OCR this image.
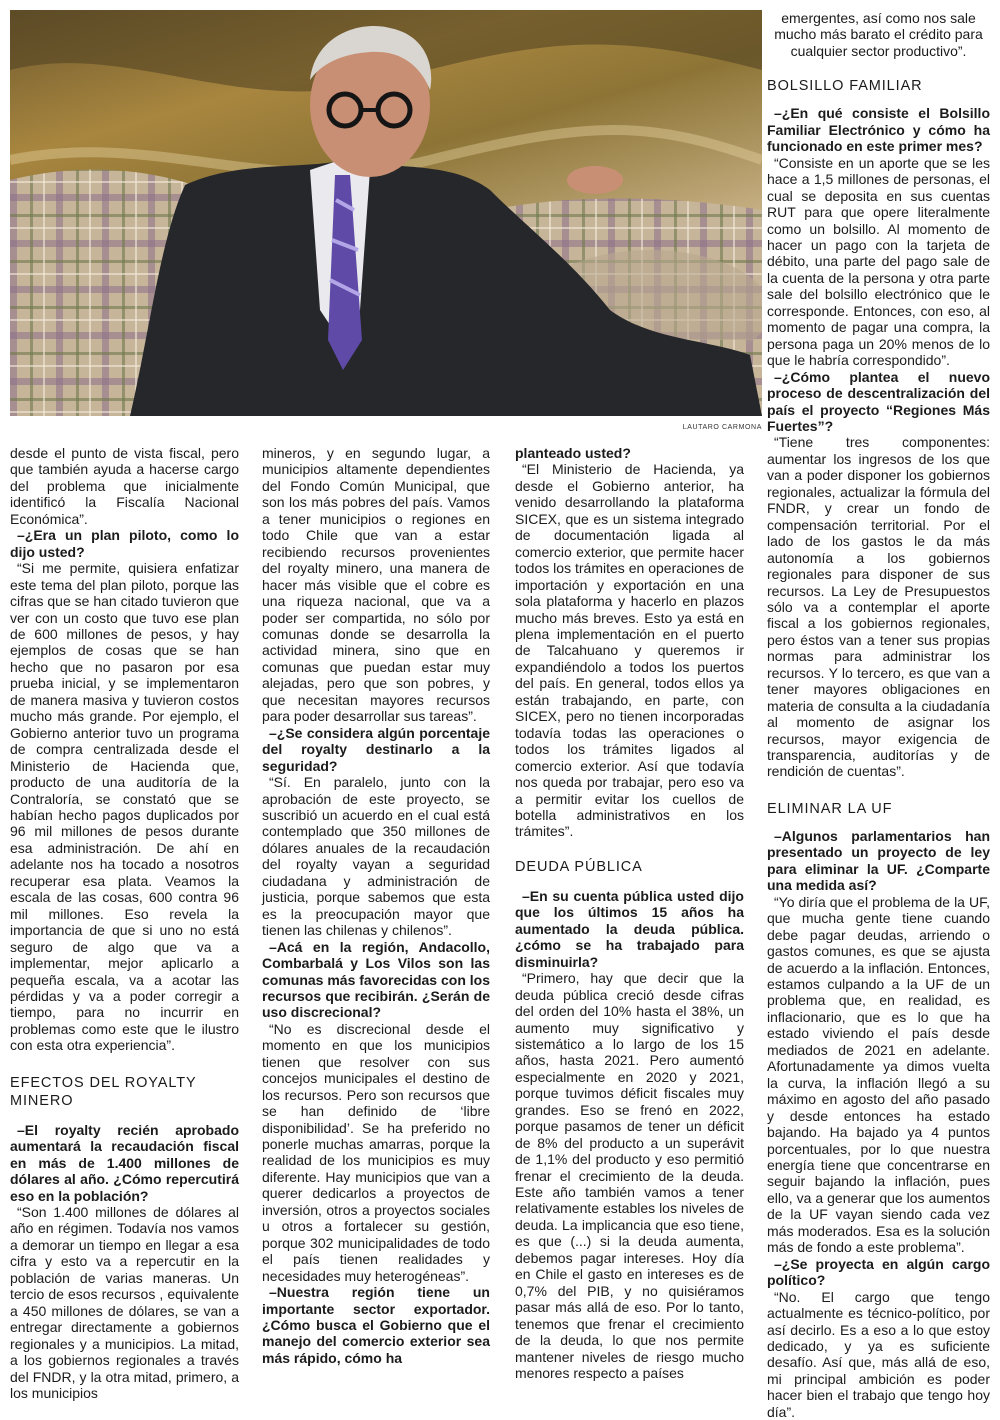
LAUTARO CARMONA

desde el punto de vista fiscal, pero que también ayuda a hacerse cargo del problema que inicialmente identificó la Fiscalía Nacional Económica”.

–¿Era un plan piloto, como lo dijo usted?

“Si me permite, quisiera enfatizar este tema del plan piloto, porque las cifras que se han citado tuvieron que ver con un costo que tuvo ese plan de 600 millones de pesos, y hay ejemplos de cosas que se han hecho que no pasaron por esa prueba inicial, y se implementaron de manera masiva y tuvieron costos mucho más grande. Por ejemplo, el Gobierno anterior tuvo un programa de compra centralizada desde el Ministerio de Hacienda que, producto de una auditoría de la Contraloría, se constató que se habían hecho pagos duplicados por 96 mil millones de pesos durante esa administración. De ahí en adelante nos ha tocado a nosotros recuperar esa plata. Veamos la escala de las cosas, 600 contra 96 mil millones. Eso revela la importancia de que si uno no está seguro de algo que va a implementar, mejor aplicarlo a pequeña escala, va a acotar las pérdidas y va a poder corregir a tiempo, para no incurrir en problemas como este que le ilustro con esta otra experiencia”.

EFECTOS DEL ROYALTY MINERO

–El royalty recién aprobado aumentará la recaudación fiscal en más de 1.400 millones de dólares al año. ¿Cómo repercutirá eso en la población?

“Son 1.400 millones de dólares al año en régimen. Todavía nos vamos a demorar un tiempo en llegar a esa cifra y esto va a repercutir en la población de varias maneras. Un tercio de esos recursos , equivalente a 450 millones de dólares, se van a entregar directamente a gobiernos regionales y a municipios. La mitad, a los gobiernos regionales a través del FNDR, y la otra mitad, primero, a los municipios

mineros, y en segundo lugar, a municipios altamente dependientes del Fondo Común Municipal, que son los más pobres del país. Vamos a tener municipios o regiones en todo Chile que van a estar recibiendo recursos provenientes del royalty minero, una manera de hacer más visible que el cobre es una riqueza nacional, que va a poder ser compartida, no sólo por comunas donde se desarrolla la actividad minera, sino que en comunas que puedan estar muy alejadas, pero que son pobres, y que necesitan mayores recursos para poder desarrollar sus tareas”.

–¿Se considera algún porcentaje del royalty destinarlo a la seguridad?

“Sí. En paralelo, junto con la aprobación de este proyecto, se suscribió un acuerdo en el cual está contemplado que 350 millones de dólares anuales de la recaudación del royalty vayan a seguridad ciudadana y administración de justicia, porque sabemos que esta es la preocupación mayor que tienen las chilenas y chilenos”.

–Acá en la región, Andacollo, Combarbalá y Los Vilos son las comunas más favorecidas con los recursos que recibirán. ¿Serán de uso discrecional?

“No es discrecional desde el momento en que los municipios tienen que resolver con sus concejos municipales el destino de los recursos. Pero son recursos que se han definido de ‘libre disponibilidad’. Se ha preferido no ponerle muchas amarras, porque la realidad de los municipios es muy diferente. Hay municipios que van a querer dedicarlos a proyectos de inversión, otros a proyectos sociales u otros a fortalecer su gestión, porque 302 municipalidades de todo el país tienen realidades y necesidades muy heterogéneas”.

–Nuestra región tiene un importante sector exportador. ¿Cómo busca el Gobierno que el manejo del comercio exterior sea más rápido, cómo ha

planteado usted?

“El Ministerio de Hacienda, ya desde el Gobierno anterior, ha venido desarrollando la plataforma SICEX, que es un sistema integrado de documentación ligada al comercio exterior, que permite hacer todos los trámites en operaciones de importación y exportación en una sola plataforma y hacerlo en plazos mucho más breves. Esto ya está en plena implementación en el puerto de Talcahuano y queremos ir expandiéndolo a todos los puertos del país. En general, todos ellos ya están trabajando, en parte, con SICEX, pero no tienen incorporadas todavía todas las operaciones o todos los trámites ligados al comercio exterior. Así que todavía nos queda por trabajar, pero eso va a permitir evitar los cuellos de botella administrativos en los trámites”.

DEUDA PÚBLICA

–En su cuenta pública usted dijo que los últimos 15 años ha aumentado la deuda pública. ¿cómo se ha trabajado para disminuirla?

“Primero, hay que decir que la deuda pública creció desde cifras del orden del 10% hasta el 38%, un aumento muy significativo y sistemático a lo largo de los 15 años, hasta 2021. Pero aumentó especialmente en 2020 y 2021, porque tuvimos déficit fiscales muy grandes. Eso se frenó en 2022, porque pasamos de tener un déficit de 8% del producto a un superávit de 1,1% del producto y eso permitió frenar el crecimiento de la deuda. Este año también vamos a tener relativamente estables los niveles de deuda. La implicancia que eso tiene, es que (...) si la deuda aumenta, debemos pagar intereses. Hoy día en Chile el gasto en intereses es de 0,7% del PIB, y no quisiéramos pasar más allá de eso. Por lo tanto, tenemos que frenar el crecimiento de la deuda, lo que nos permite mantener niveles de riesgo mucho menores respecto a países

emergentes, así como nos sale mucho más barato el crédito para cualquier sector productivo”.

BOLSILLO FAMILIAR

–¿En qué consiste el Bolsillo Familiar Electrónico y cómo ha funcionado en este primer mes?

“Consiste en un aporte que se les hace a 1,5 millones de personas, el cual se deposita en sus cuentas RUT para que opere literalmente como un bolsillo. Al momento de hacer un pago con la tarjeta de débito, una parte del pago sale de la cuenta de la persona y otra parte sale del bolsillo electrónico que le corresponde. Entonces, con eso, al momento de pagar una compra, la persona paga un 20% menos de lo que le habría correspondido”.

–¿Cómo plantea el nuevo proceso de descentralización del país el proyecto “Regiones Más Fuertes”?

“Tiene tres componentes: aumentar los ingresos de los que van a poder disponer los gobiernos regionales, actualizar la fórmula del FNDR, y crear un fondo de compensación territorial. Por el lado de los gastos le da más autonomía a los gobiernos regionales para disponer de sus recursos. La Ley de Presupuestos sólo va a contemplar el aporte fiscal a los gobiernos regionales, pero éstos van a tener sus propias normas para administrar los recursos. Y lo tercero, es que van a tener mayores obligaciones en materia de consulta a la ciudadanía al momento de asignar los recursos, mayor exigencia de transparencia, auditorías y de rendición de cuentas”.

ELIMINAR LA UF

–Algunos parlamentarios han presentado un proyecto de ley para eliminar la UF. ¿Comparte una medida así?

“Yo diría que el problema de la UF, que mucha gente tiene cuando debe pagar deudas, arriendo o gastos comunes, es que se ajusta de acuerdo a la inflación. Entonces, estamos culpando a la UF de un problema que, en realidad, es inflacionario, que es lo que ha estado viviendo el país desde mediados de 2021 en adelante. Afortunadamente ya dimos vuelta la curva, la inflación llegó a su máximo en agosto del año pasado y desde entonces ha estado bajando. Ha bajado ya 4 puntos porcentuales, por lo que nuestra energía tiene que concentrarse en seguir bajando la inflación, pues ello, va a generar que los aumentos de la UF vayan siendo cada vez más moderados. Esa es la solución más de fondo a este problema”.

–¿Se proyecta en algún cargo político?

“No. El cargo que tengo actualmente es técnico-político, por así decirlo. Es a eso a lo que estoy dedicado, y ya es suficiente desafío. Así que, más allá de eso, mi principal ambición es poder hacer bien el trabajo que tengo hoy día”.
